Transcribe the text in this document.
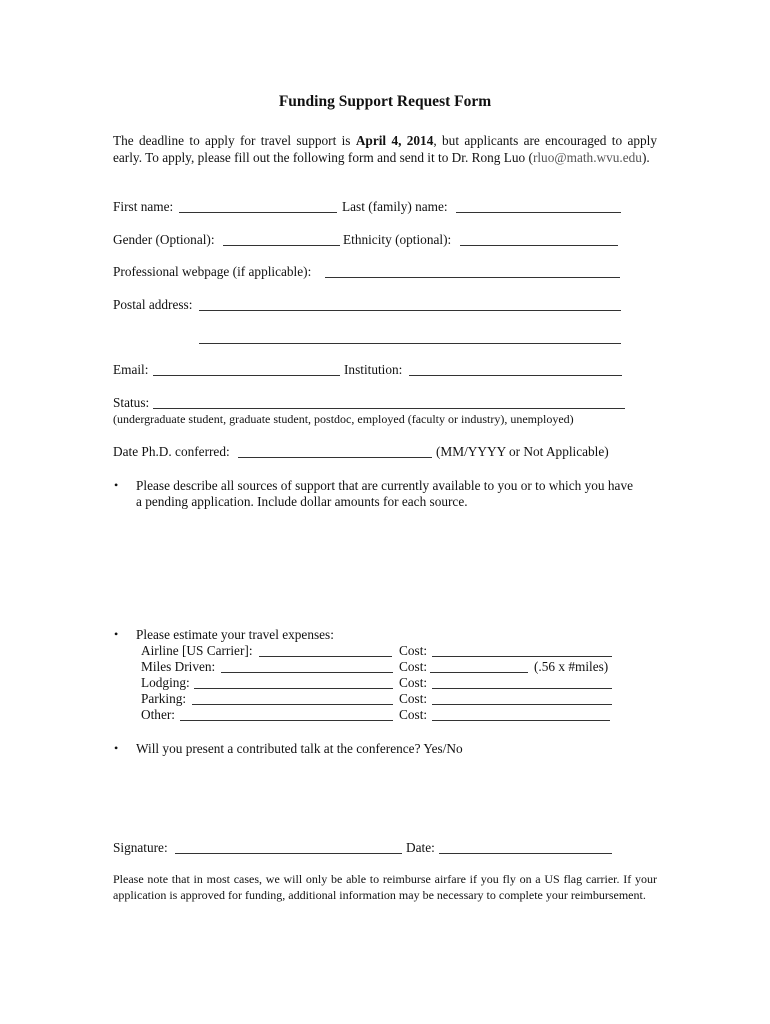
Funding Support Request Form
The deadline to apply for travel support is April 4, 2014, but applicants are encouraged to apply early. To apply, please fill out the following form and send it to Dr. Rong Luo (rluo@math.wvu.edu).
First name:	Last (family) name:
Gender (Optional):	Ethnicity (optional):
Professional webpage (if applicable):
Postal address:
Email:	Institution:
Status:
(undergraduate student, graduate student, postdoc, employed (faculty or industry), unemployed)
Date Ph.D. conferred:	(MM/YYYY or Not Applicable)
• Please describe all sources of support that are currently available to you or to which you have
a pending application. Include dollar amounts for each source.
• Please estimate your travel expenses:
Airline [US Carrier]:	Cost:
Miles Driven:	Cost:	(.56 x #miles)
Lodging:	Cost:
Parking:	Cost:
Other:	Cost:
• Will you present a contributed talk at the conference? Yes/No
Signature:	Date:
Please note that in most cases, we will only be able to reimburse airfare if you fly on a US flag carrier. If your application is approved for funding, additional information may be necessary to complete your reimbursement.
